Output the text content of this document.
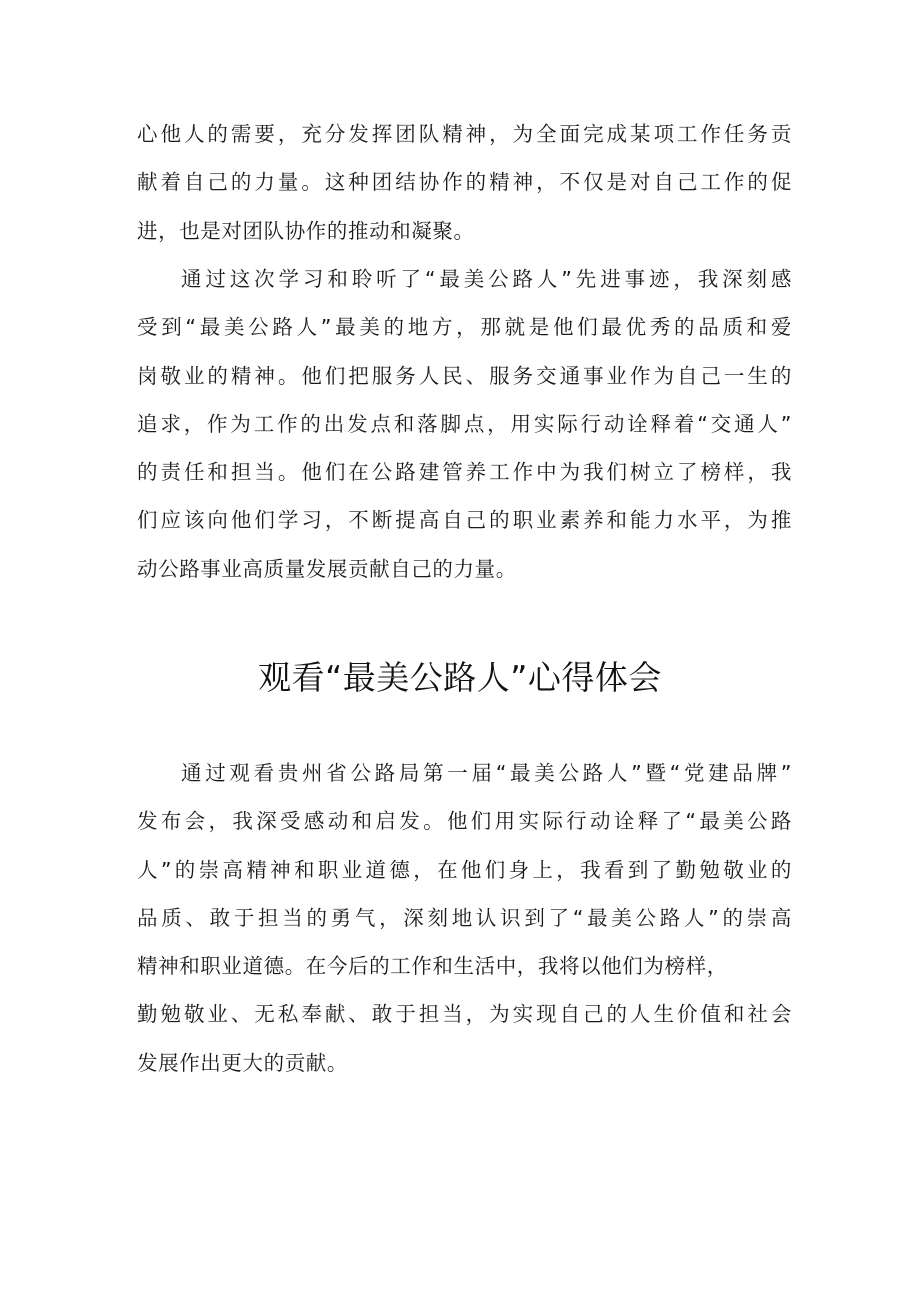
心他人的需要，充分发挥团队精神，为全面完成某项工作任务贡
献着自己的力量。这种团结协作的精神，不仅是对自己工作的促
进，也是对团队协作的推动和凝聚。
通过这次学习和聆听了“最美公路人”先进事迹，我深刻感
受到“最美公路人”最美的地方，那就是他们最优秀的品质和爱
岗敬业的精神。他们把服务人民、服务交通事业作为自己一生的
追求，作为工作的出发点和落脚点，用实际行动诠释着“交通人”
的责任和担当。他们在公路建管养工作中为我们树立了榜样，我
们应该向他们学习，不断提高自己的职业素养和能力水平，为推
动公路事业高质量发展贡献自己的力量。
观看“最美公路人”心得体会
通过观看贵州省公路局第一届“最美公路人”暨“党建品牌”
发布会，我深受感动和启发。他们用实际行动诠释了“最美公路
人”的崇高精神和职业道德，在他们身上，我看到了勤勉敬业的
品质、敢于担当的勇气，深刻地认识到了“最美公路人”的崇高
精神和职业道德。在今后的工作和生活中，我将以他们为榜样，
勤勉敬业、无私奉献、敢于担当，为实现自己的人生价值和社会
发展作出更大的贡献。
